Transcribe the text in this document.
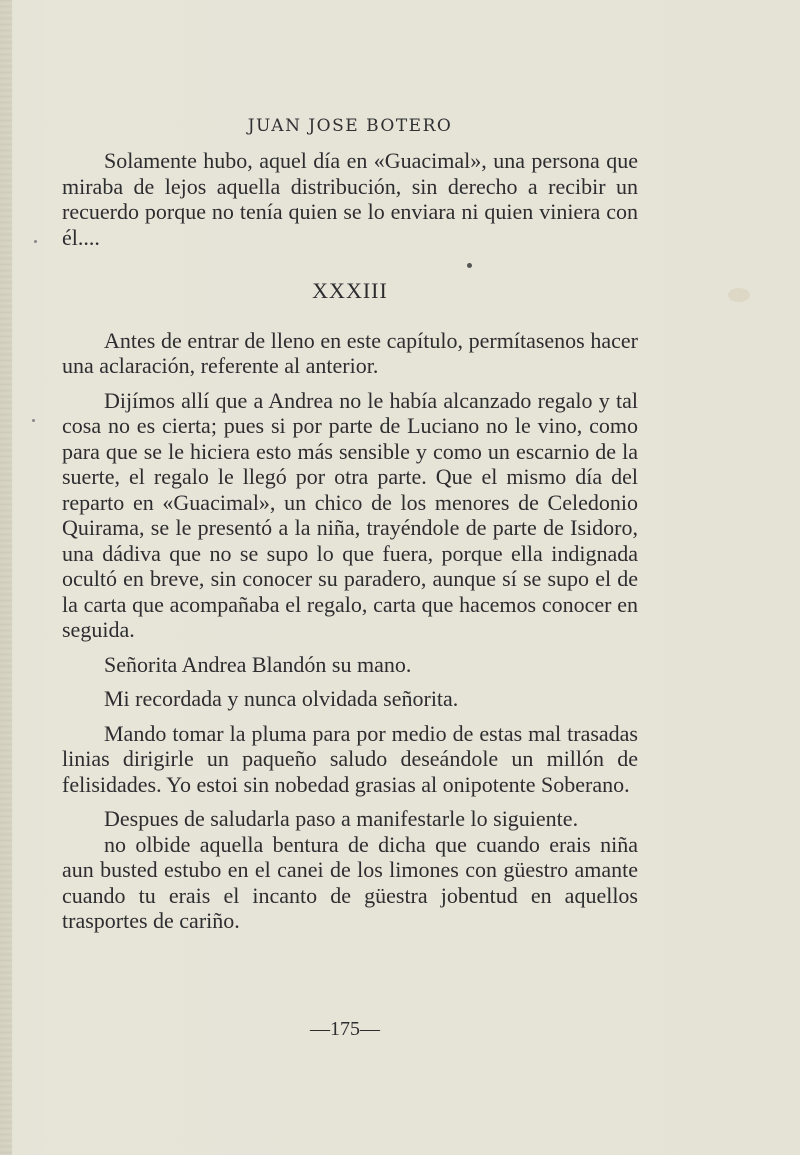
JUAN JOSE BOTERO

Solamente hubo, aquel día en «Guacimal», una persona que miraba de lejos aquella distribución, sin derecho a recibir un recuerdo porque no tenía quien se lo enviara ni quien viniera con él....

XXXIII

Antes de entrar de lleno en este capítulo, permítasenos hacer una aclaración, referente al anterior.

Dijímos allí que a Andrea no le había alcanzado regalo y tal cosa no es cierta; pues si por parte de Luciano no le vino, como para que se le hiciera esto más sensible y como un escarnio de la suerte, el regalo le llegó por otra parte. Que el mismo día del reparto en «Guacimal», un chico de los menores de Celedonio Quirama, se le presentó a la niña, trayéndole de parte de Isidoro, una dádiva que no se supo lo que fuera, porque ella indignada ocultó en breve, sin conocer su paradero, aunque sí se supo el de la carta que acompañaba el regalo, carta que hacemos conocer en seguida.

Señorita Andrea Blandón su mano.

Mi recordada y nunca olvidada señorita.

Mando tomar la pluma para por medio de estas mal trasadas linias dirigirle un paqueño saludo deseándole un millón de felisidades. Yo estoi sin nobedad grasias al onipotente Soberano.

Despues de saludarla paso a manifestarle lo siguiente.

no olbide aquella bentura de dicha que cuando erais niña aun busted estubo en el canei de los limones con güestro amante cuando tu erais el incanto de güestra jobentud en aquellos trasportes de cariño.

—175—
